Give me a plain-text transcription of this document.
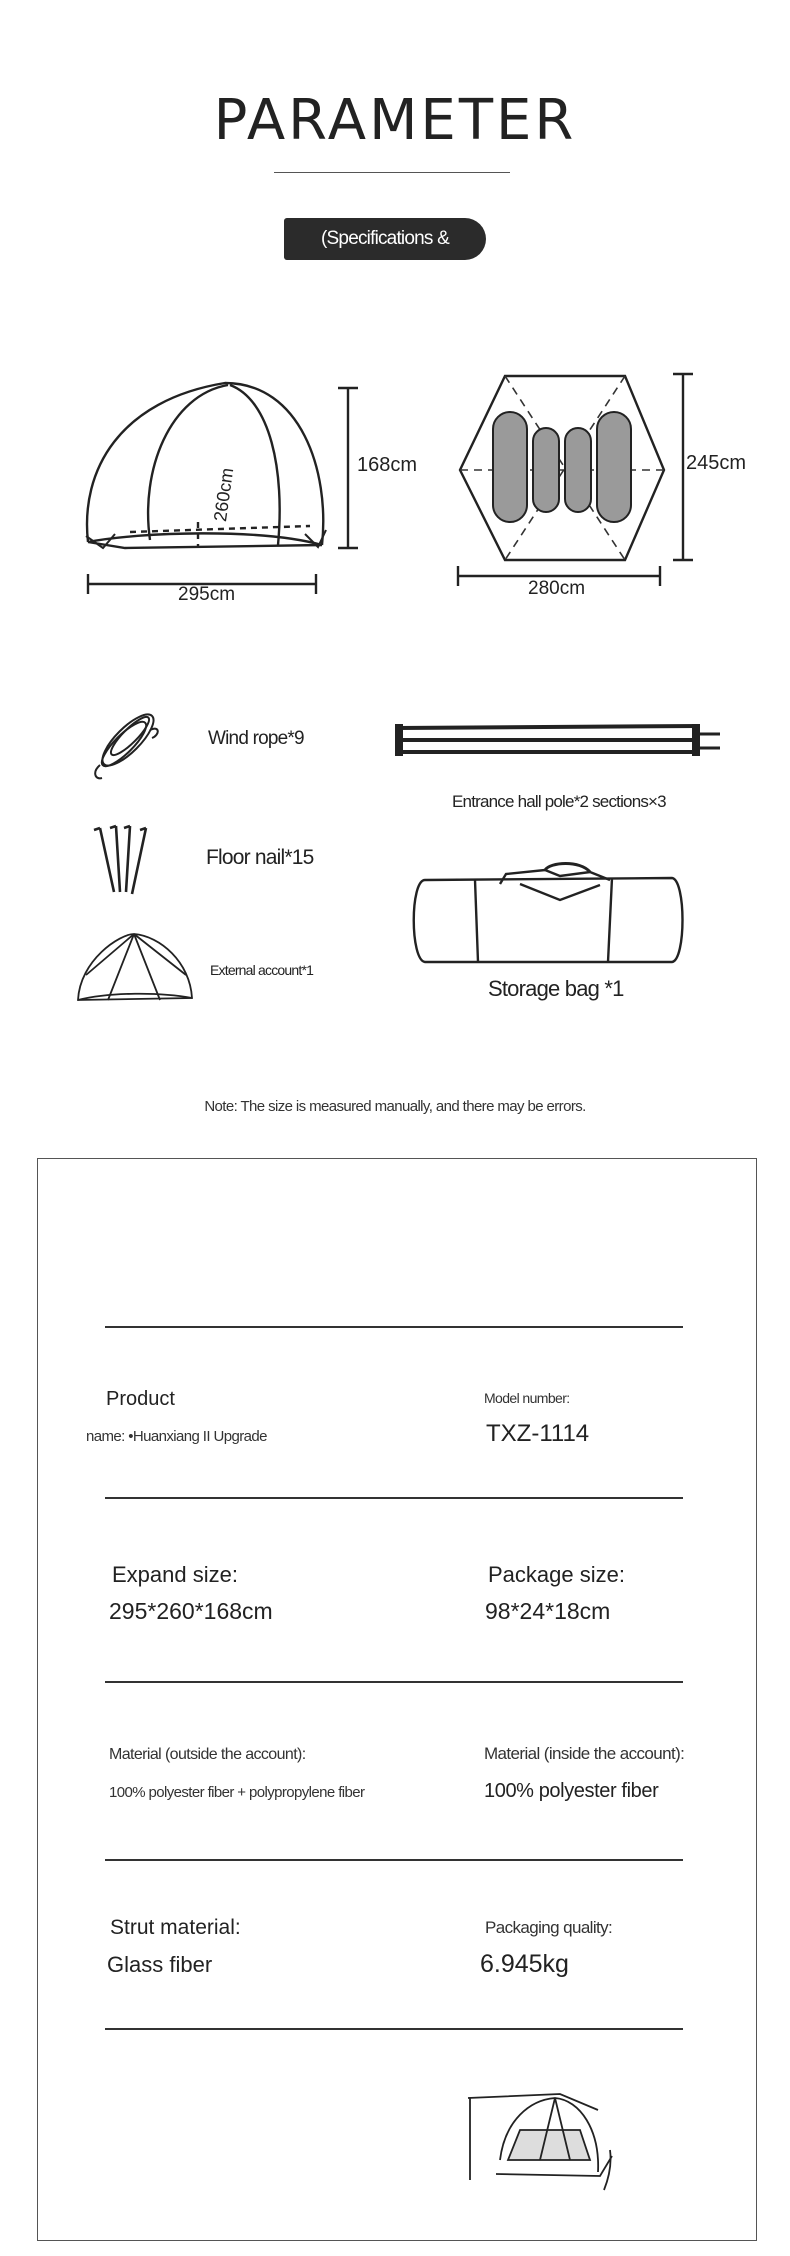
PARAMETER
(Specifications & parameters
168cm
295cm
260cm
245cm
280cm
Wind rope*9
Floor nail*15
External account*1
Entrance hall pole*2 sections×3
Storage bag *1
Note: The size is measured manually, and there may be errors.
Product
name: •Huanxiang II Upgrade
Model number:
TXZ-1114
Expand size:
295*260*168cm
Package size:
98*24*18cm
Material (outside the account):
100% polyester fiber + polypropylene fiber
Material (inside the account):
100% polyester fiber
Strut material:
Glass fiber
Packaging quality:
6.945kg
